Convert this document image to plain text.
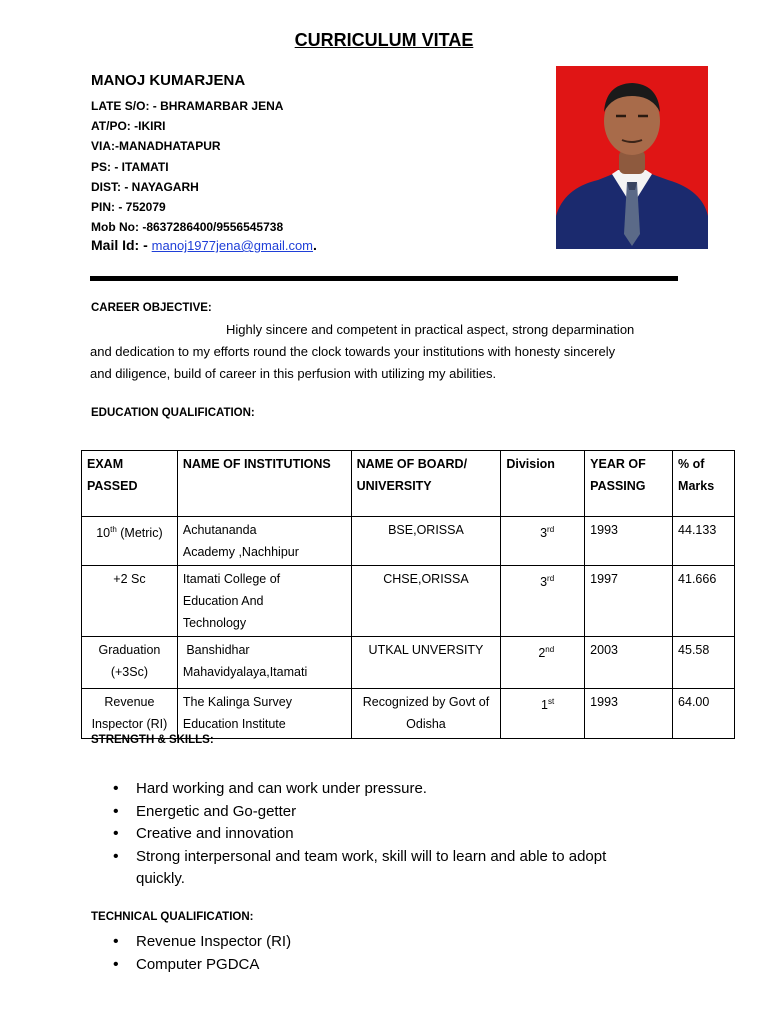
CURRICULUM VITAE
MANOJ KUMARJENA
LATE S/O: - BHRAMARBAR JENA
AT/PO: -IKIRI
VIA:-MANADHATAPUR
PS: - ITAMATI
DIST: - NAYAGARH
PIN: - 752079
Mob No: -8637286400/9556545738
Mail Id: - manoj1977jena@gmail.com.
CAREER OBJECTIVE:
Highly sincere and competent in practical aspect, strong deparmination
and dedication to my efforts round the clock towards your institutions with honesty sincerely
and diligence, build of career in this perfusion with utilizing my abilities.
EDUCATION QUALIFICATION:
EXAM
PASSED	NAME OF INSTITUTIONS	NAME OF BOARD/
UNIVERSITY	Division	YEAR OF
PASSING	% of
Marks
10th (Metric)	Achutananda
Academy ,Nachhipur	BSE,ORISSA	3rd	1993	44.133
+2 Sc	Itamati College of
Education And
Technology	CHSE,ORISSA	3rd	1997	41.666
Graduation
(+3Sc)	Banshidhar
Mahavidyalaya,Itamati	UTKAL UNVERSITY	2nd	2003	45.58
Revenue
Inspector (RI)	The Kalinga Survey
Education Institute	Recognized by Govt of
Odisha	1st	1993	64.00
STRENGTH & SKILLS:
• Hard working and can work under pressure.
• Energetic and Go-getter
• Creative and innovation
• Strong interpersonal and team work, skill will to learn and able to adopt
quickly.
TECHNICAL QUALIFICATION:
• Revenue Inspector (RI)
• Computer PGDCA
